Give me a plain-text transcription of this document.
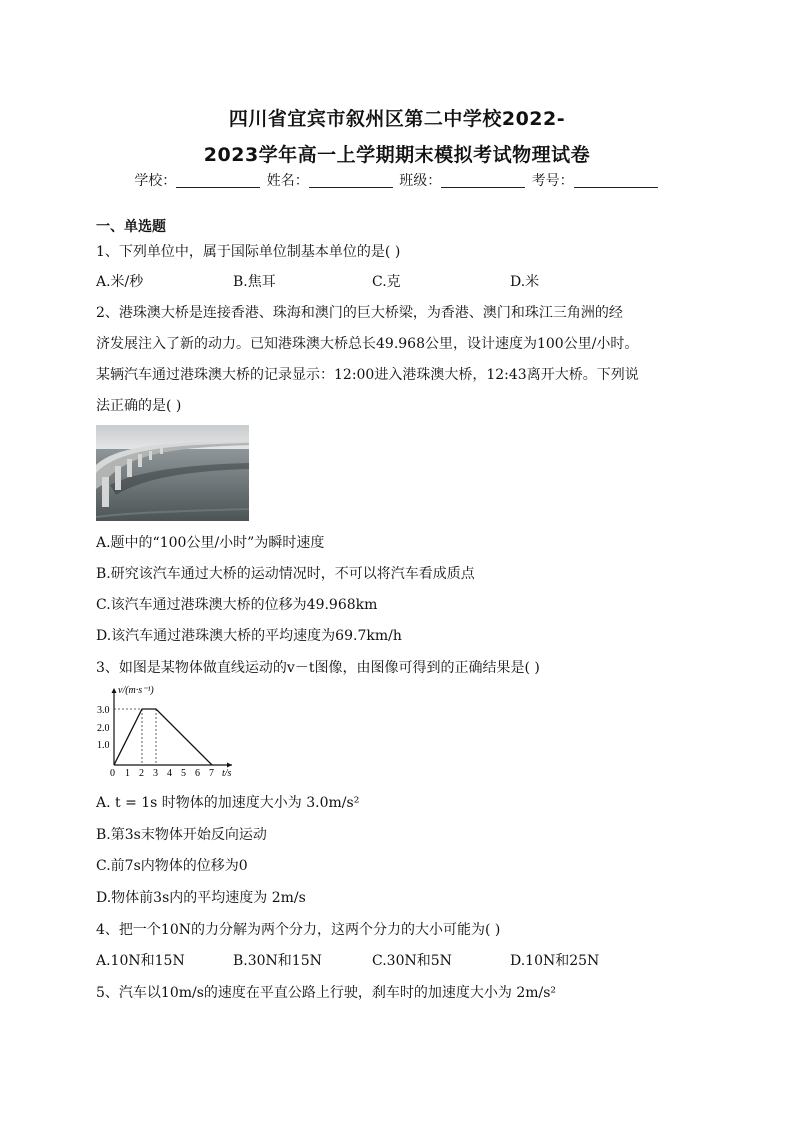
四川省宜宾市叙州区第二中学校2022-
2023学年高一上学期期末模拟考试物理试卷
学校：	姓名：	班级：	考号：
一、单选题
1、下列单位中，属于国际单位制基本单位的是( )
A.米/秒	B.焦耳	C.克	D.米
2、港珠澳大桥是连接香港、珠海和澳门的巨大桥梁，为香港、澳门和珠江三角洲的经
济发展注入了新的动力。已知港珠澳大桥总长49.968公里，设计速度为100公里/小时。
某辆汽车通过港珠澳大桥的记录显示：12:00进入港珠澳大桥，12:43离开大桥。下列说
法正确的是( )
A.题中的“100公里/小时”为瞬时速度
B.研究该汽车通过大桥的运动情况时，不可以将汽车看成质点
C.该汽车通过港珠澳大桥的位移为49.968km
D.该汽车通过港珠澳大桥的平均速度为69.7km/h
3、如图是某物体做直线运动的v－t图像，由图像可得到的正确结果是( )
v/(m·s⁻¹)
t/s
3.0
2.0
1.0
0 1 2 3 4 5 6 7
A. t = 1s 时物体的加速度大小为 3.0m/s²
B.第3s末物体开始反向运动
C.前7s内物体的位移为0
D.物体前3s内的平均速度为 2m/s
4、把一个10N的力分解为两个分力，这两个分力的大小可能为( )
A.10N和15N	B.30N和15N	C.30N和5N	D.10N和25N
5、汽车以10m/s的速度在平直公路上行驶，刹车时的加速度大小为 2m/s²
